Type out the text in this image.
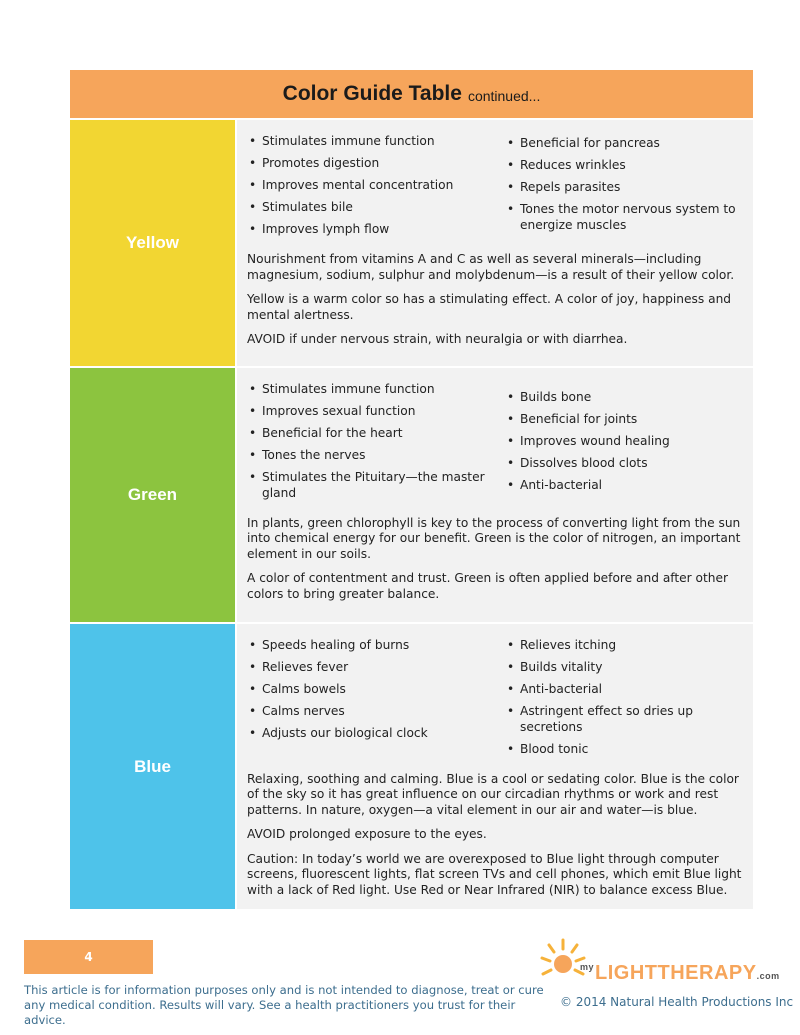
Color Guide Table continued...
Yellow
• Stimulates immune function
• Promotes digestion
• Improves mental concentration
• Stimulates bile
• Improves lymph flow
• Beneficial for pancreas
• Reduces wrinkles
• Repels parasites
• Tones the motor nervous system to energize muscles

Nourishment from vitamins A and C as well as several minerals—including magnesium, sodium, sulphur and molybdenum—is a result of their yellow color.

Yellow is a warm color so has a stimulating effect. A color of joy, happiness and mental alertness.

AVOID if under nervous strain, with neuralgia or with diarrhea.

Green
• Stimulates immune function
• Improves sexual function
• Beneficial for the heart
• Tones the nerves
• Stimulates the Pituitary—the master gland
• Builds bone
• Beneficial for joints
• Improves wound healing
• Dissolves blood clots
• Anti-bacterial

In plants, green chlorophyll is key to the process of converting light from the sun into chemical energy for our benefit. Green is the color of nitrogen, an important element in our soils.

A color of contentment and trust. Green is often applied before and after other colors to bring greater balance.

Blue
• Speeds healing of burns
• Relieves fever
• Calms bowels
• Calms nerves
• Adjusts our biological clock
• Relieves itching
• Builds vitality
• Anti-bacterial
• Astringent effect so dries up secretions
• Blood tonic

Relaxing, soothing and calming. Blue is a cool or sedating color. Blue is the color of the sky so it has great influence on our circadian rhythms or work and rest patterns. In nature, oxygen—a vital element in our air and water—is blue.

AVOID prolonged exposure to the eyes.

Caution: In today’s world we are overexposed to Blue light through computer screens, fluorescent lights, flat screen TVs and cell phones, which emit Blue light with a lack of Red light. Use Red or Near Infrared (NIR) to balance excess Blue.

4
This article is for information purposes only and is not intended to diagnose, treat or cure any medical condition. Results will vary. See a health practitioners you trust for their advice.
$^{my}$LIGHTTHERAPY.com
© 2014 Natural Health Productions Inc
